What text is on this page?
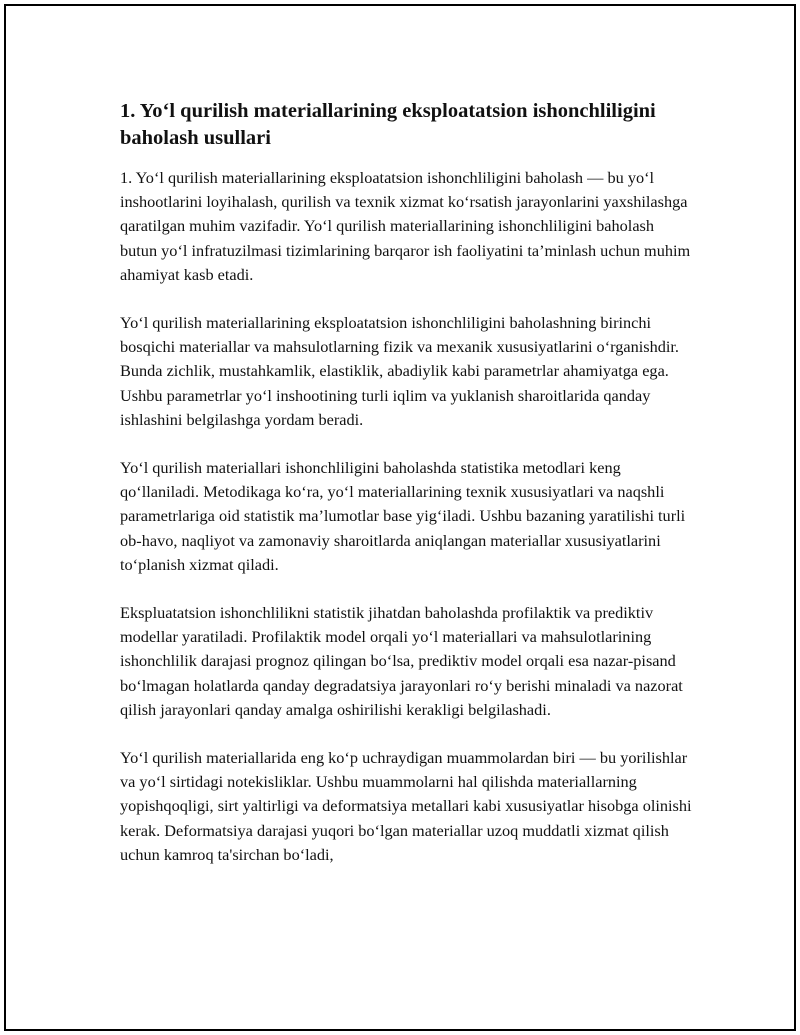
1. Yo‘l qurilish materiallarining eksploatatsion ishonchliligini baholash usullari

1. Yo‘l qurilish materiallarining eksploatatsion ishonchliligini baholash — bu yo‘l inshootlarini loyihalash, qurilish va texnik xizmat ko‘rsatish jarayonlarini yaxshilashga qaratilgan muhim vazifadir. Yo‘l qurilish materiallarining ishonchliligini baholash butun yo‘l infratuzilmasi tizimlarining barqaror ish faoliyatini ta’minlash uchun muhim ahamiyat kasb etadi.

Yo‘l qurilish materiallarining eksploatatsion ishonchliligini baholashning birinchi bosqichi materiallar va mahsulotlarning fizik va mexanik xususiyatlarini o‘rganishdir. Bunda zichlik, mustahkamlik, elastiklik, abadiylik kabi parametrlar ahamiyatga ega. Ushbu parametrlar yo‘l inshootining turli iqlim va yuklanish sharoitlarida qanday ishlashini belgilashga yordam beradi.

Yo‘l qurilish materiallari ishonchliligini baholashda statistika metodlari keng qo‘llaniladi. Metodikaga ko‘ra, yo‘l materiallarining texnik xususiyatlari va naqshli parametrlariga oid statistik ma’lumotlar base yig‘iladi. Ushbu bazaning yaratilishi turli ob-havo, naqliyot va zamonaviy sharoitlarda aniqlangan materiallar xususiyatlarini to‘planish xizmat qiladi.

Ekspluatatsion ishonchlilikni statistik jihatdan baholashda profilaktik va prediktiv modellar yaratiladi. Profilaktik model orqali yo‘l materiallari va mahsulotlarining ishonchlilik darajasi prognoz qilingan bo‘lsa, prediktiv model orqali esa nazar-pisand bo‘lmagan holatlarda qanday degradatsiya jarayonlari ro‘y berishi minaladi va nazorat qilish jarayonlari qanday amalga oshirilishi kerakligi belgilashadi.

Yo‘l qurilish materiallarida eng ko‘p uchraydigan muammolardan biri — bu yorilishlar va yo‘l sirtidagi notekisliklar. Ushbu muammolarni hal qilishda materiallarning yopishqoqligi, sirt yaltirligi va deformatsiya metallari kabi xususiyatlar hisobga olinishi kerak. Deformatsiya darajasi yuqori bo‘lgan materiallar uzoq muddatli xizmat qilish uchun kamroq ta'sirchan bo‘ladi,
